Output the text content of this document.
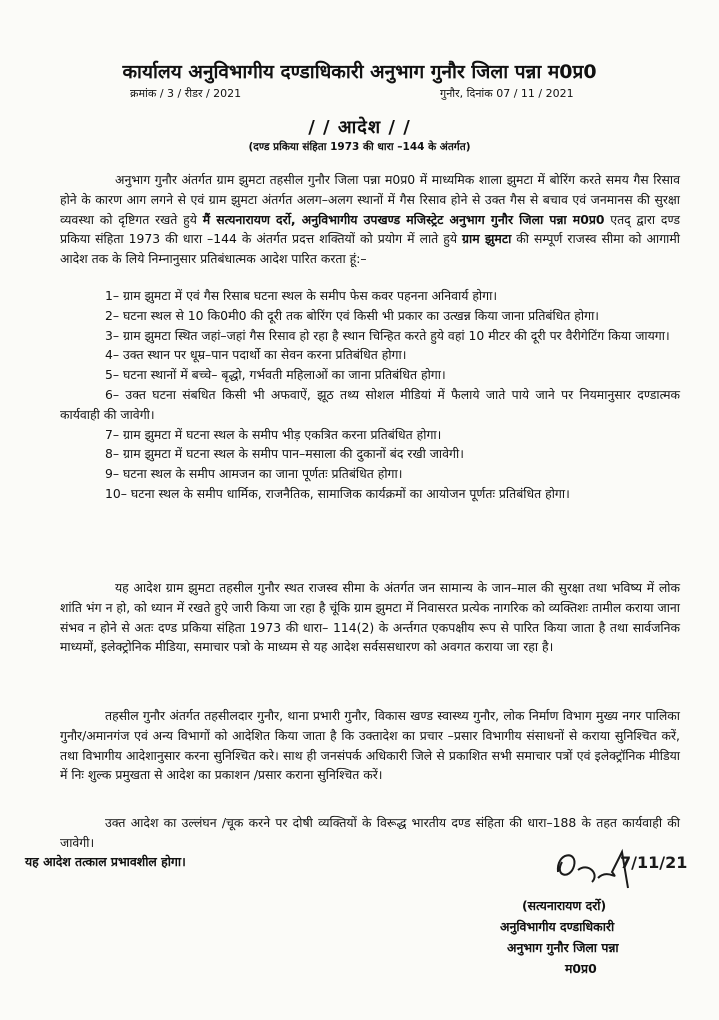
कार्यालय अनुविभागीय दण्डाधिकारी अनुभाग गुनौर जिला पन्ना म0प्र0
क्रमांक / 3 / रीडर / 2021	गुनौर, दिनांक 07 / 11 / 2021
/ / आदेश / /
(दण्ड प्रकिया संहिता 1973 की धारा –144 के अंतर्गत)
अनुभाग गुनौर अंतर्गत ग्राम झुमटा तहसील गुनौर जिला पन्ना म0प्र0 में माध्यमिक शाला झुमटा में बोरिंग करते समय गैस रिसाव होने के कारण आग लगने से एवं ग्राम झुमटा अंतर्गत अलग–अलग स्थानों में गैस रिसाव होने से उक्त गैस से बचाव एवं जनमानस की सुरक्षा व्यवस्था को दृष्टिगत रखते हुये मैं सत्यनारायण दर्रो, अनुविभागीय उपखण्ड मजिस्ट्रेट अनुभाग गुनौर जिला पन्ना म0प्र0 एतद् द्वारा दण्ड प्रकिया संहिता 1973 की धारा –144 के अंतर्गत प्रदत्त शक्तियों को प्रयोग में लाते हुये ग्राम झुमटा की सम्पूर्ण राजस्व सीमा को आगामी आदेश तक के लिये निम्नानुसार प्रतिबंधात्मक आदेश पारित करता हूं:–

1– ग्राम झुमटा में एवं गैस रिसाब घटना स्थल के समीप फेस कवर पहनना अनिवार्य होगा।

2– घटना स्थल से 10 कि0मी0 की दूरी तक बोरिंग एवं किसी भी प्रकार का उत्खन्न किया जाना प्रतिबंधित होगा।

3– ग्राम झुमटा स्थित जहां–जहां गैस रिसाव हो रहा है स्थान चिन्हित करते हुये वहां 10 मीटर की दूरी पर वैरीगेटिंग किया जायगा।

4– उक्त स्थान पर धूम्र–पान पदार्थो का सेवन करना प्रतिबंधित होगा।

5– घटना स्थानों में बच्चे– बृद्धो, गर्भवती महिलाओं का जाना प्रतिबंधित होगा।

6– उक्त घटना संबधित किसी भी अफवाऐं, झूठ तथ्य सोशल मीडियां में फैलाये जाते पाये जाने पर नियमानुसार दण्डात्मक कार्यवाही की जावेगी।

7– ग्राम झुमटा में घटना स्थल के समीप भीड़ एकत्रित करना प्रतिबंधित होगा।

8– ग्राम झुमटा में घटना स्थल के समीप पान–मसाला की दुकानों बंद रखी जावेगी।

9– घटना स्थल के समीप आमजन का जाना पूर्णतः प्रतिबंधित होगा।

10– घटना स्थल के समीप धार्मिक, राजनैतिक, सामाजिक कार्यक्रमों का आयोजन पूर्णतः प्रतिबंधित होगा।

यह आदेश ग्राम झुमटा तहसील गुनौर स्थत राजस्व सीमा के अंतर्गत जन सामान्य के जान–माल की सुरक्षा तथा भविष्य में लोक शांति भंग न हो, को ध्यान में रखते हुऐ जारी किया जा रहा है चूंकि ग्राम झुमटा में निवासरत प्रत्येक नागरिक को व्यक्तिशः तामील कराया जाना संभव न होने से अतः दण्ड प्रकिया संहिता 1973 की धारा– 114(2) के अर्न्तगत एकपक्षीय रूप से पारित किया जाता है तथा सार्वजनिक माध्यमों, इलेक्ट्रोनिक मीडिया, समाचार पत्रो के माध्यम से यह आदेश सर्वससधारण को अवगत कराया जा रहा है।
तहसील गुनौर अंतर्गत तहसीलदार गुनौर, थाना प्रभारी गुनौर, विकास खण्ड स्वास्थ्य गुनौर, लोक निर्माण विभाग मुख्य नगर पालिका गुनौर/अमानगंज एवं अन्य विभागों को आदेशित किया जाता है कि उक्तादेश का प्रचार –प्रसार विभागीय संसाधनों से कराया सुनिश्चित करें, तथा विभागीय आदेशानुसार करना सुनिश्चित करे। साथ ही जनसंपर्क अधिकारी जिले से प्रकाशित सभी समाचार पत्रों एवं इलेक्ट्रॉनिक मीडिया में निः शुल्क प्रमुखता से आदेश का प्रकाशन /प्रसार कराना सुनिश्चित करें।
उक्त आदेश का उल्लंघन /चूक करने पर दोषी व्यक्तियों के विरूद्ध भारतीय दण्ड संहिता की धारा–188 के तहत कार्यवाही की जावेगी।
यह आदेश तत्काल प्रभावशील होगा।	7/11/21
(सत्यनारायण दर्रो)
अनुविभागीय दण्डाधिकारी
अनुभाग गुनौर जिला पन्ना
म0प्र0
